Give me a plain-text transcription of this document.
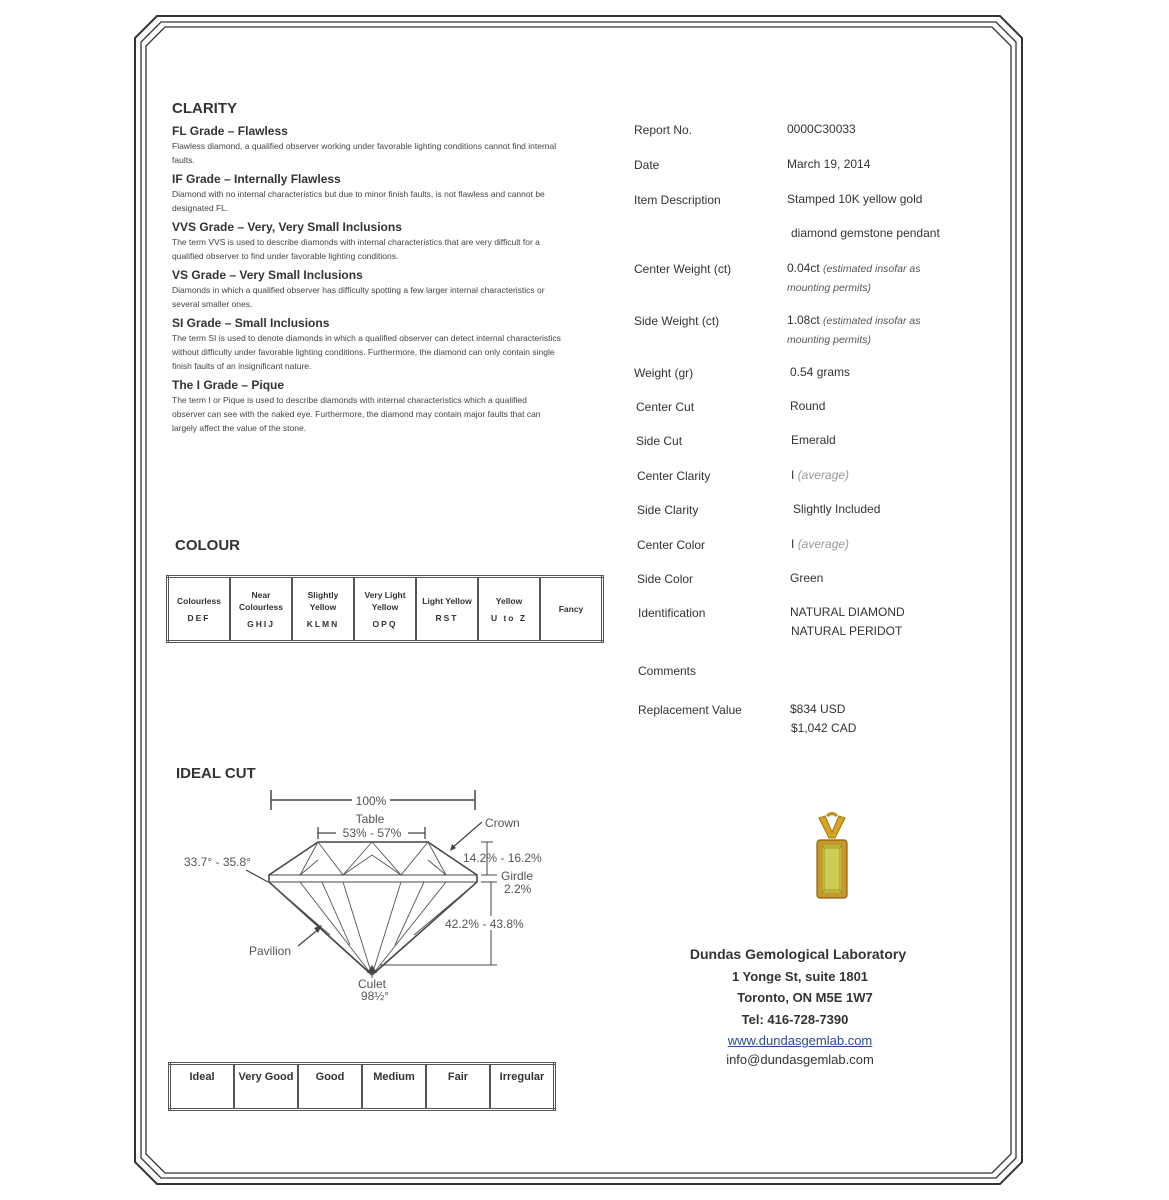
CLARITY
FL Grade – Flawless
Flawless diamond, a qualified observer working under favorable lighting conditions cannot find internal faults.
IF Grade – Internally Flawless
Diamond with no internal characteristics but due to minor finish faults, is not flawless and cannot be designated FL.
VVS Grade – Very, Very Small Inclusions
The term VVS is used to describe diamonds with internal characteristics that are very difficult for a qualified observer to find under favorable lighting conditions.
VS Grade – Very Small Inclusions
Diamonds in which a qualified observer has difficulty spotting a few larger internal characteristics or several smaller ones.
SI Grade – Small Inclusions
The term SI is used to denote diamonds in which a qualified observer can detect internal characteristics without difficulty under favorable lighting conditions. Furthermore, the diamond can only contain single finish faults of an insignificant nature.
The I Grade – Pique
The term I or Pique is used to describe diamonds with internal characteristics which a qualified observer can see with the naked eye. Furthermore, the diamond may contain major faults that can largely affect the value of the stone.
COLOUR
Colourless
DEF

Near Colourless
GHIJ

Slightly Yellow
KLMN

Very Light Yellow
OPQ

Light Yellow
RST

Yellow
U to Z

Fancy
IDEAL CUT
100%
Table
53% - 57%
Crown
33.7° - 35.8°	14.2% - 16.2%
Girdle
2.2%
42.2% - 43.8%
Pavilion
Culet
98½°
Ideal	Very Good	Good	Medium	Fair	Irregular
Report No.	0000C30033
Date	March 19, 2014
Item Description	Stamped 10K yellow gold
diamond gemstone pendant
Center Weight (ct)	0.04ct (estimated insofar as mounting permits)
Side Weight (ct)	1.08ct (estimated insofar as mounting permits)
Weight (gr)	0.54 grams
Center Cut	Round
Side Cut	Emerald
Center Clarity	I (average)
Side Clarity	Slightly Included
Center Color	I (average)
Side Color	Green
Identification	NATURAL DIAMOND
NATURAL PERIDOT
Comments
Replacement Value	$834 USD
$1,042 CAD
Dundas Gemological Laboratory
1 Yonge St, suite 1801
Toronto, ON M5E 1W7
Tel: 416-728-7390
www.dundasgemlab.com
info@dundasgemlab.com
